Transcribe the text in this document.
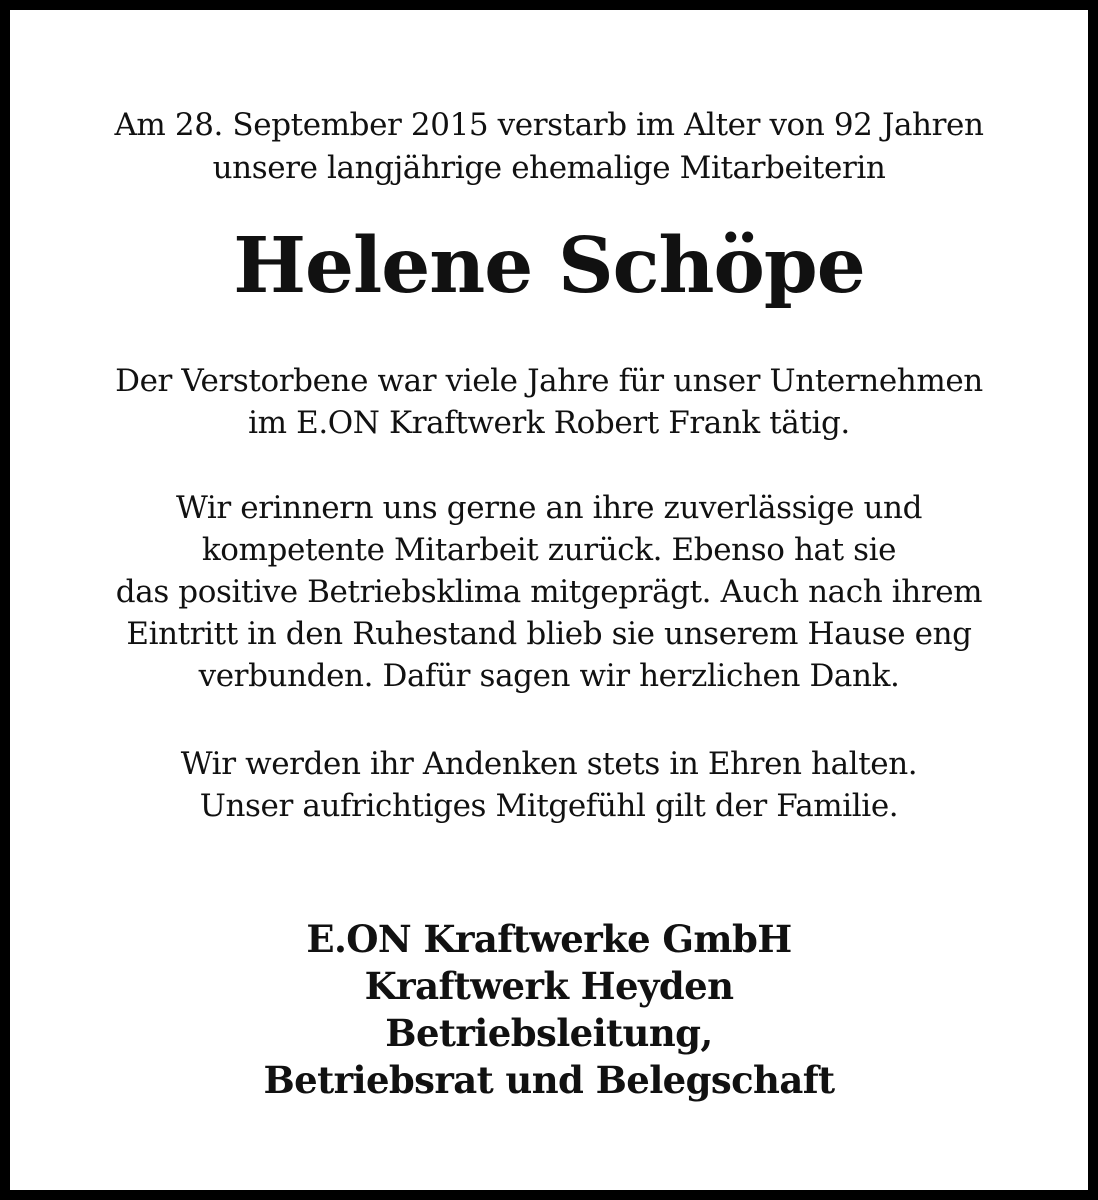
Am 28. September 2015 verstarb im Alter von 92 Jahren
unsere langjährige ehemalige Mitarbeiterin
Helene Schöpe
Der Verstorbene war viele Jahre für unser Unternehmen
im E.ON Kraftwerk Robert Frank tätig.
Wir erinnern uns gerne an ihre zuverlässige und
kompetente Mitarbeit zurück. Ebenso hat sie
das positive Betriebsklima mitgeprägt. Auch nach ihrem
Eintritt in den Ruhestand blieb sie unserem Hause eng
verbunden. Dafür sagen wir herzlichen Dank.
Wir werden ihr Andenken stets in Ehren halten.
Unser aufrichtiges Mitgefühl gilt der Familie.
E.ON Kraftwerke GmbH
Kraftwerk Heyden
Betriebsleitung,
Betriebsrat und Belegschaft
